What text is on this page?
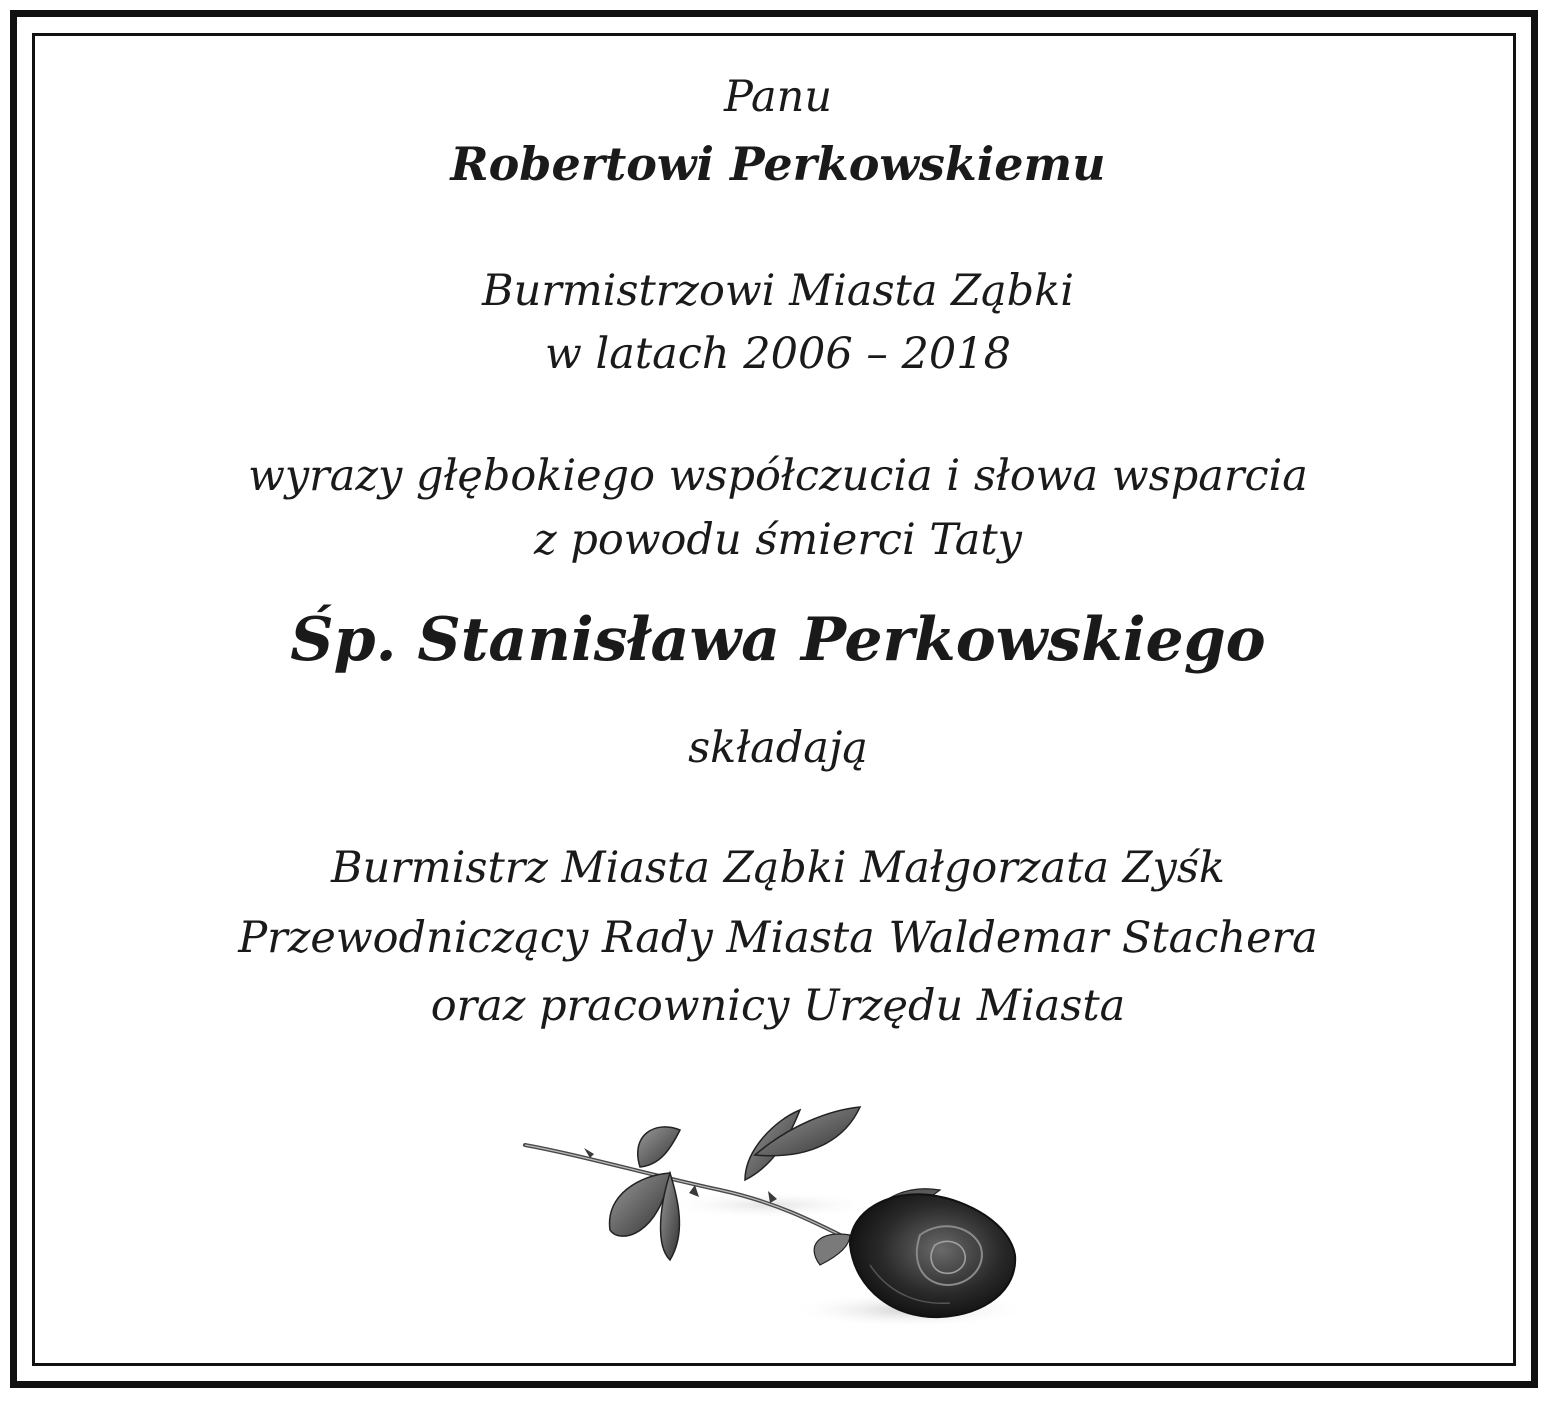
Panu
Robertowi Perkowskiemu
Burmistrzowi Miasta Ząbki
w latach 2006 – 2018
wyrazy głębokiego współczucia i słowa wsparcia
z powodu śmierci Taty
Śp. Stanisława Perkowskiego
składają
Burmistrz Miasta Ząbki Małgorzata Zyśk
Przewodniczący Rady Miasta Waldemar Stachera
oraz pracownicy Urzędu Miasta
